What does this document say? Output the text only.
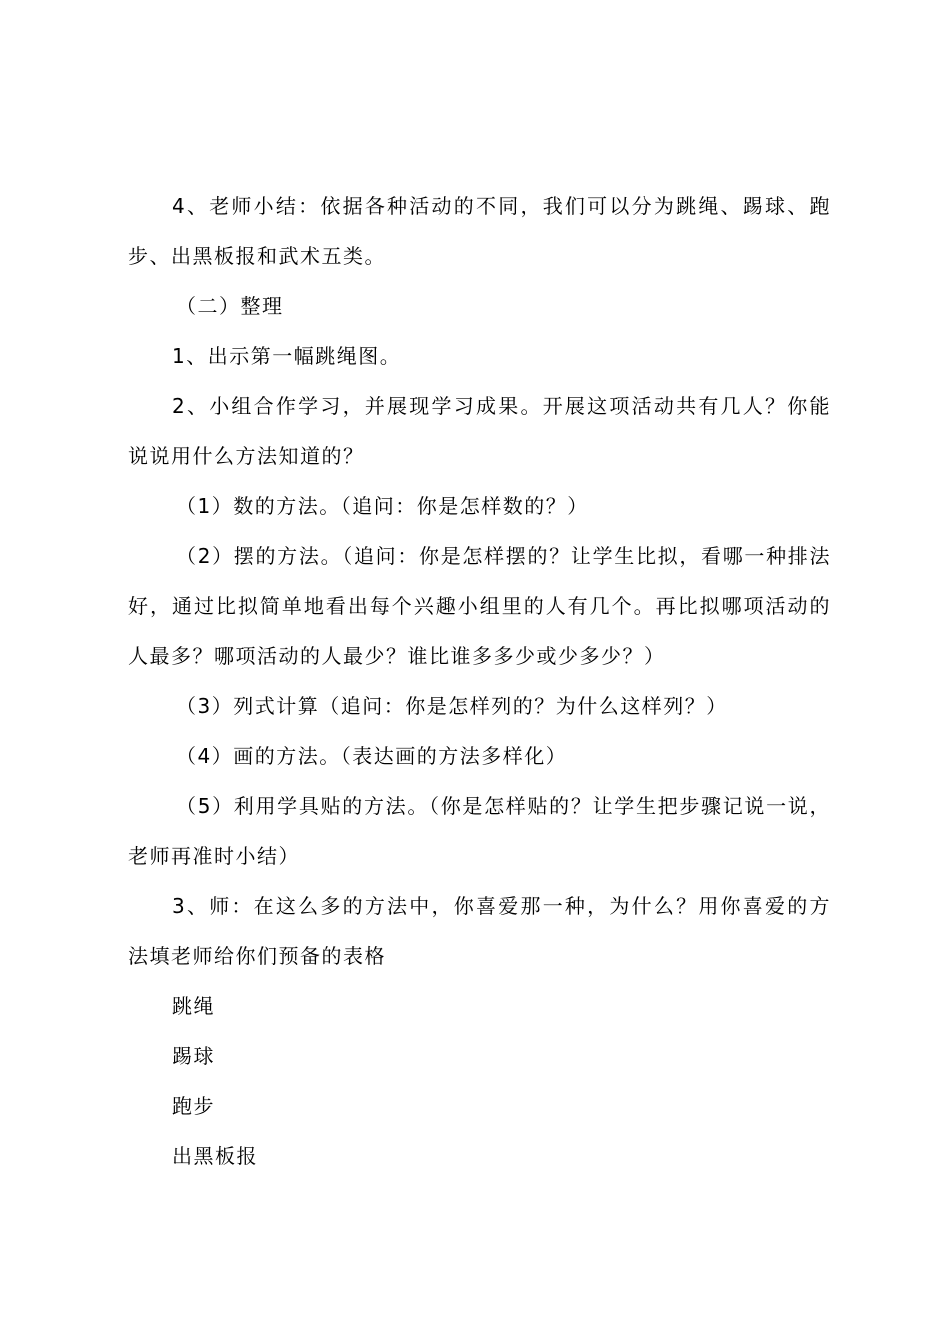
4、老师小结：依据各种活动的不同，我们可以分为跳绳、踢球、跑步、出黑板报和武术五类。

（二）整理

1、出示第一幅跳绳图。

2、小组合作学习，并展现学习成果。开展这项活动共有几人？你能说说用什么方法知道的？

（1）数的方法。（追问：你是怎样数的？）

（2）摆的方法。（追问：你是怎样摆的？让学生比拟，看哪一种排法好，通过比拟简单地看出每个兴趣小组里的人有几个。再比拟哪项活动的人最多？哪项活动的人最少？谁比谁多多少或少多少？）

（3）列式计算（追问：你是怎样列的？为什么这样列？）

（4）画的方法。（表达画的方法多样化）

（5）利用学具贴的方法。（你是怎样贴的？让学生把步骤记说一说，老师再准时小结）

3、师：在这么多的方法中，你喜爱那一种，为什么？用你喜爱的方法填老师给你们预备的表格

跳绳

踢球

跑步

出黑板报
